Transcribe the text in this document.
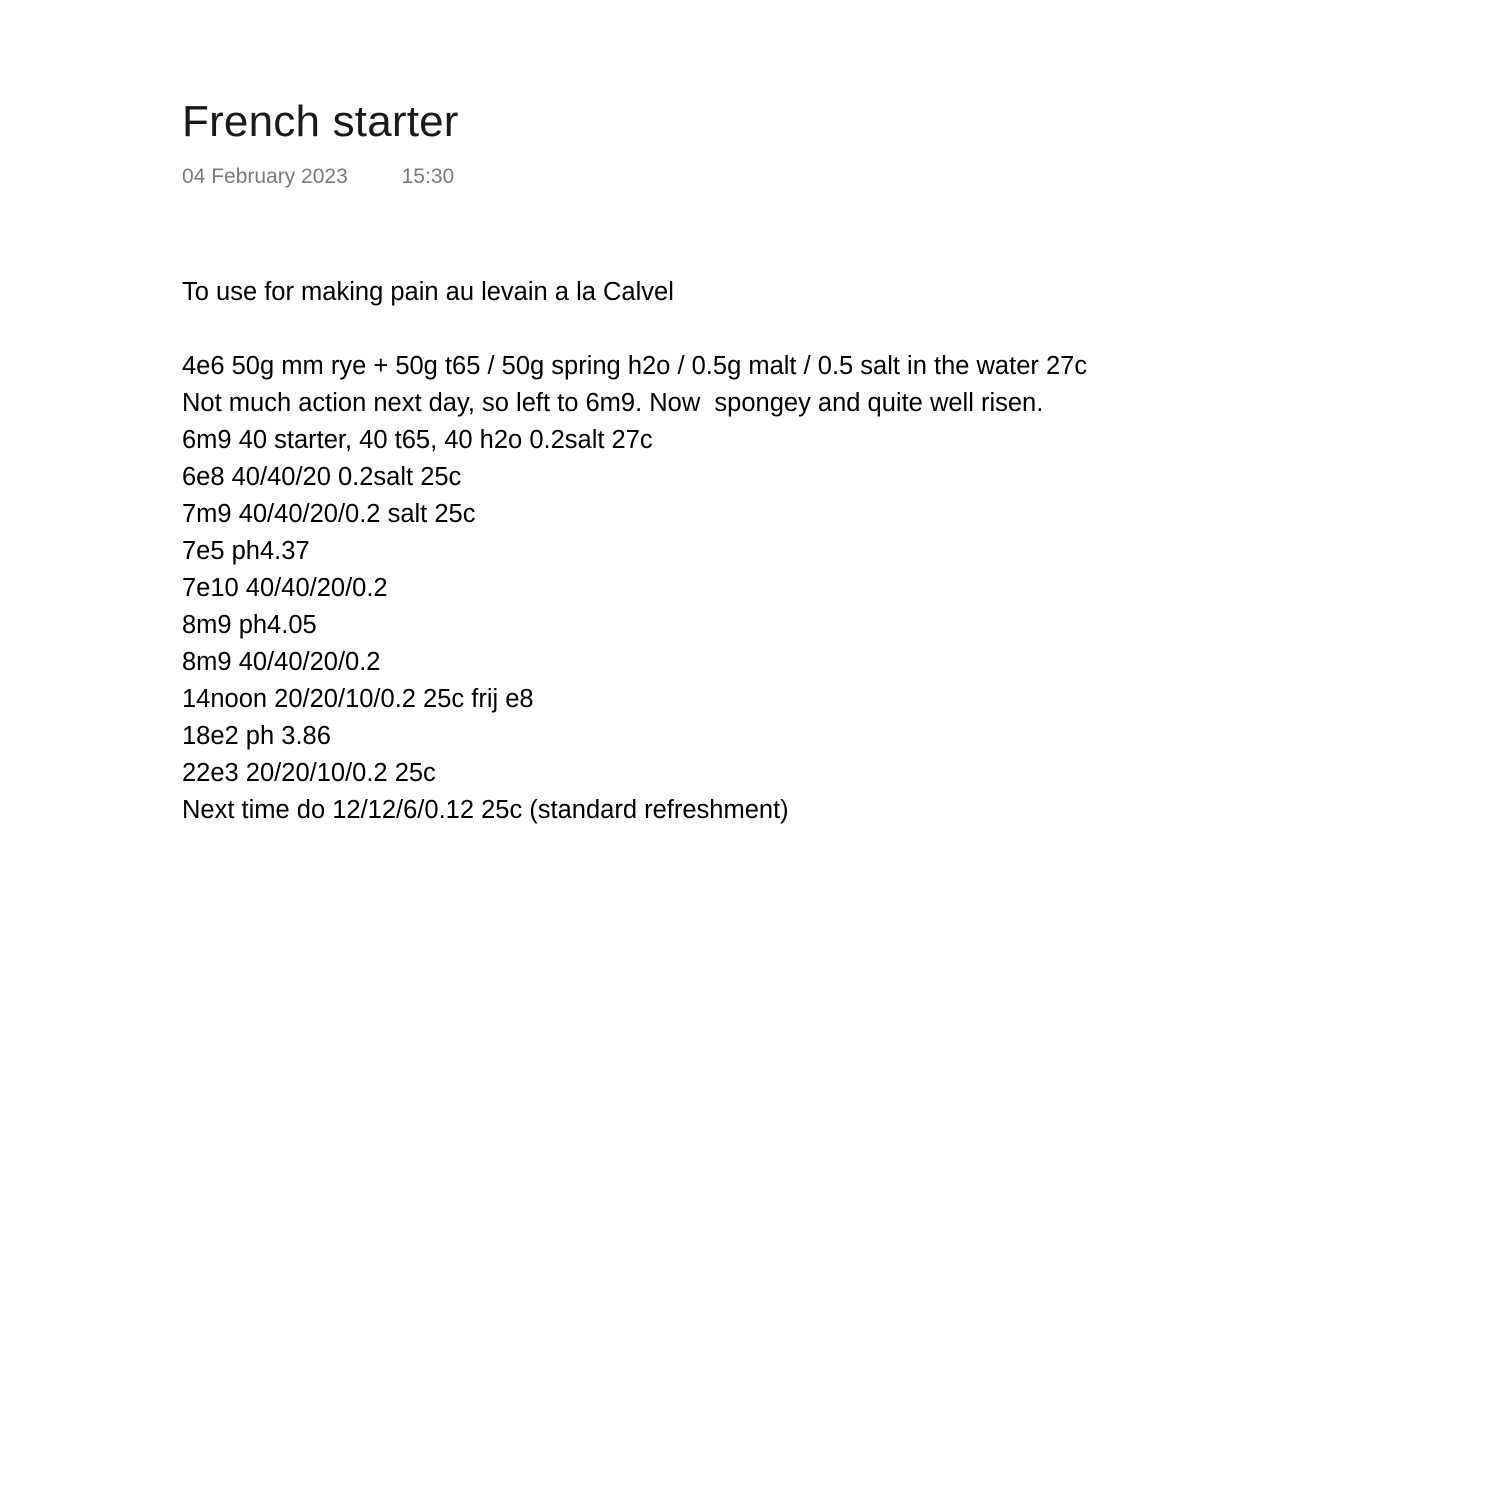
French starter
04 February 2023	15:30

To use for making pain au levain a la Calvel

4e6 50g mm rye + 50g t65 / 50g spring h2o / 0.5g malt / 0.5 salt in the water 27c
Not much action next day, so left to 6m9. Now  spongey and quite well risen.
6m9 40 starter, 40 t65, 40 h2o 0.2salt 27c
6e8 40/40/20 0.2salt 25c
7m9 40/40/20/0.2 salt 25c
7e5 ph4.37
7e10 40/40/20/0.2
8m9 ph4.05
8m9 40/40/20/0.2
14noon 20/20/10/0.2 25c frij e8
18e2 ph 3.86
22e3 20/20/10/0.2 25c
Next time do 12/12/6/0.12 25c (standard refreshment)
